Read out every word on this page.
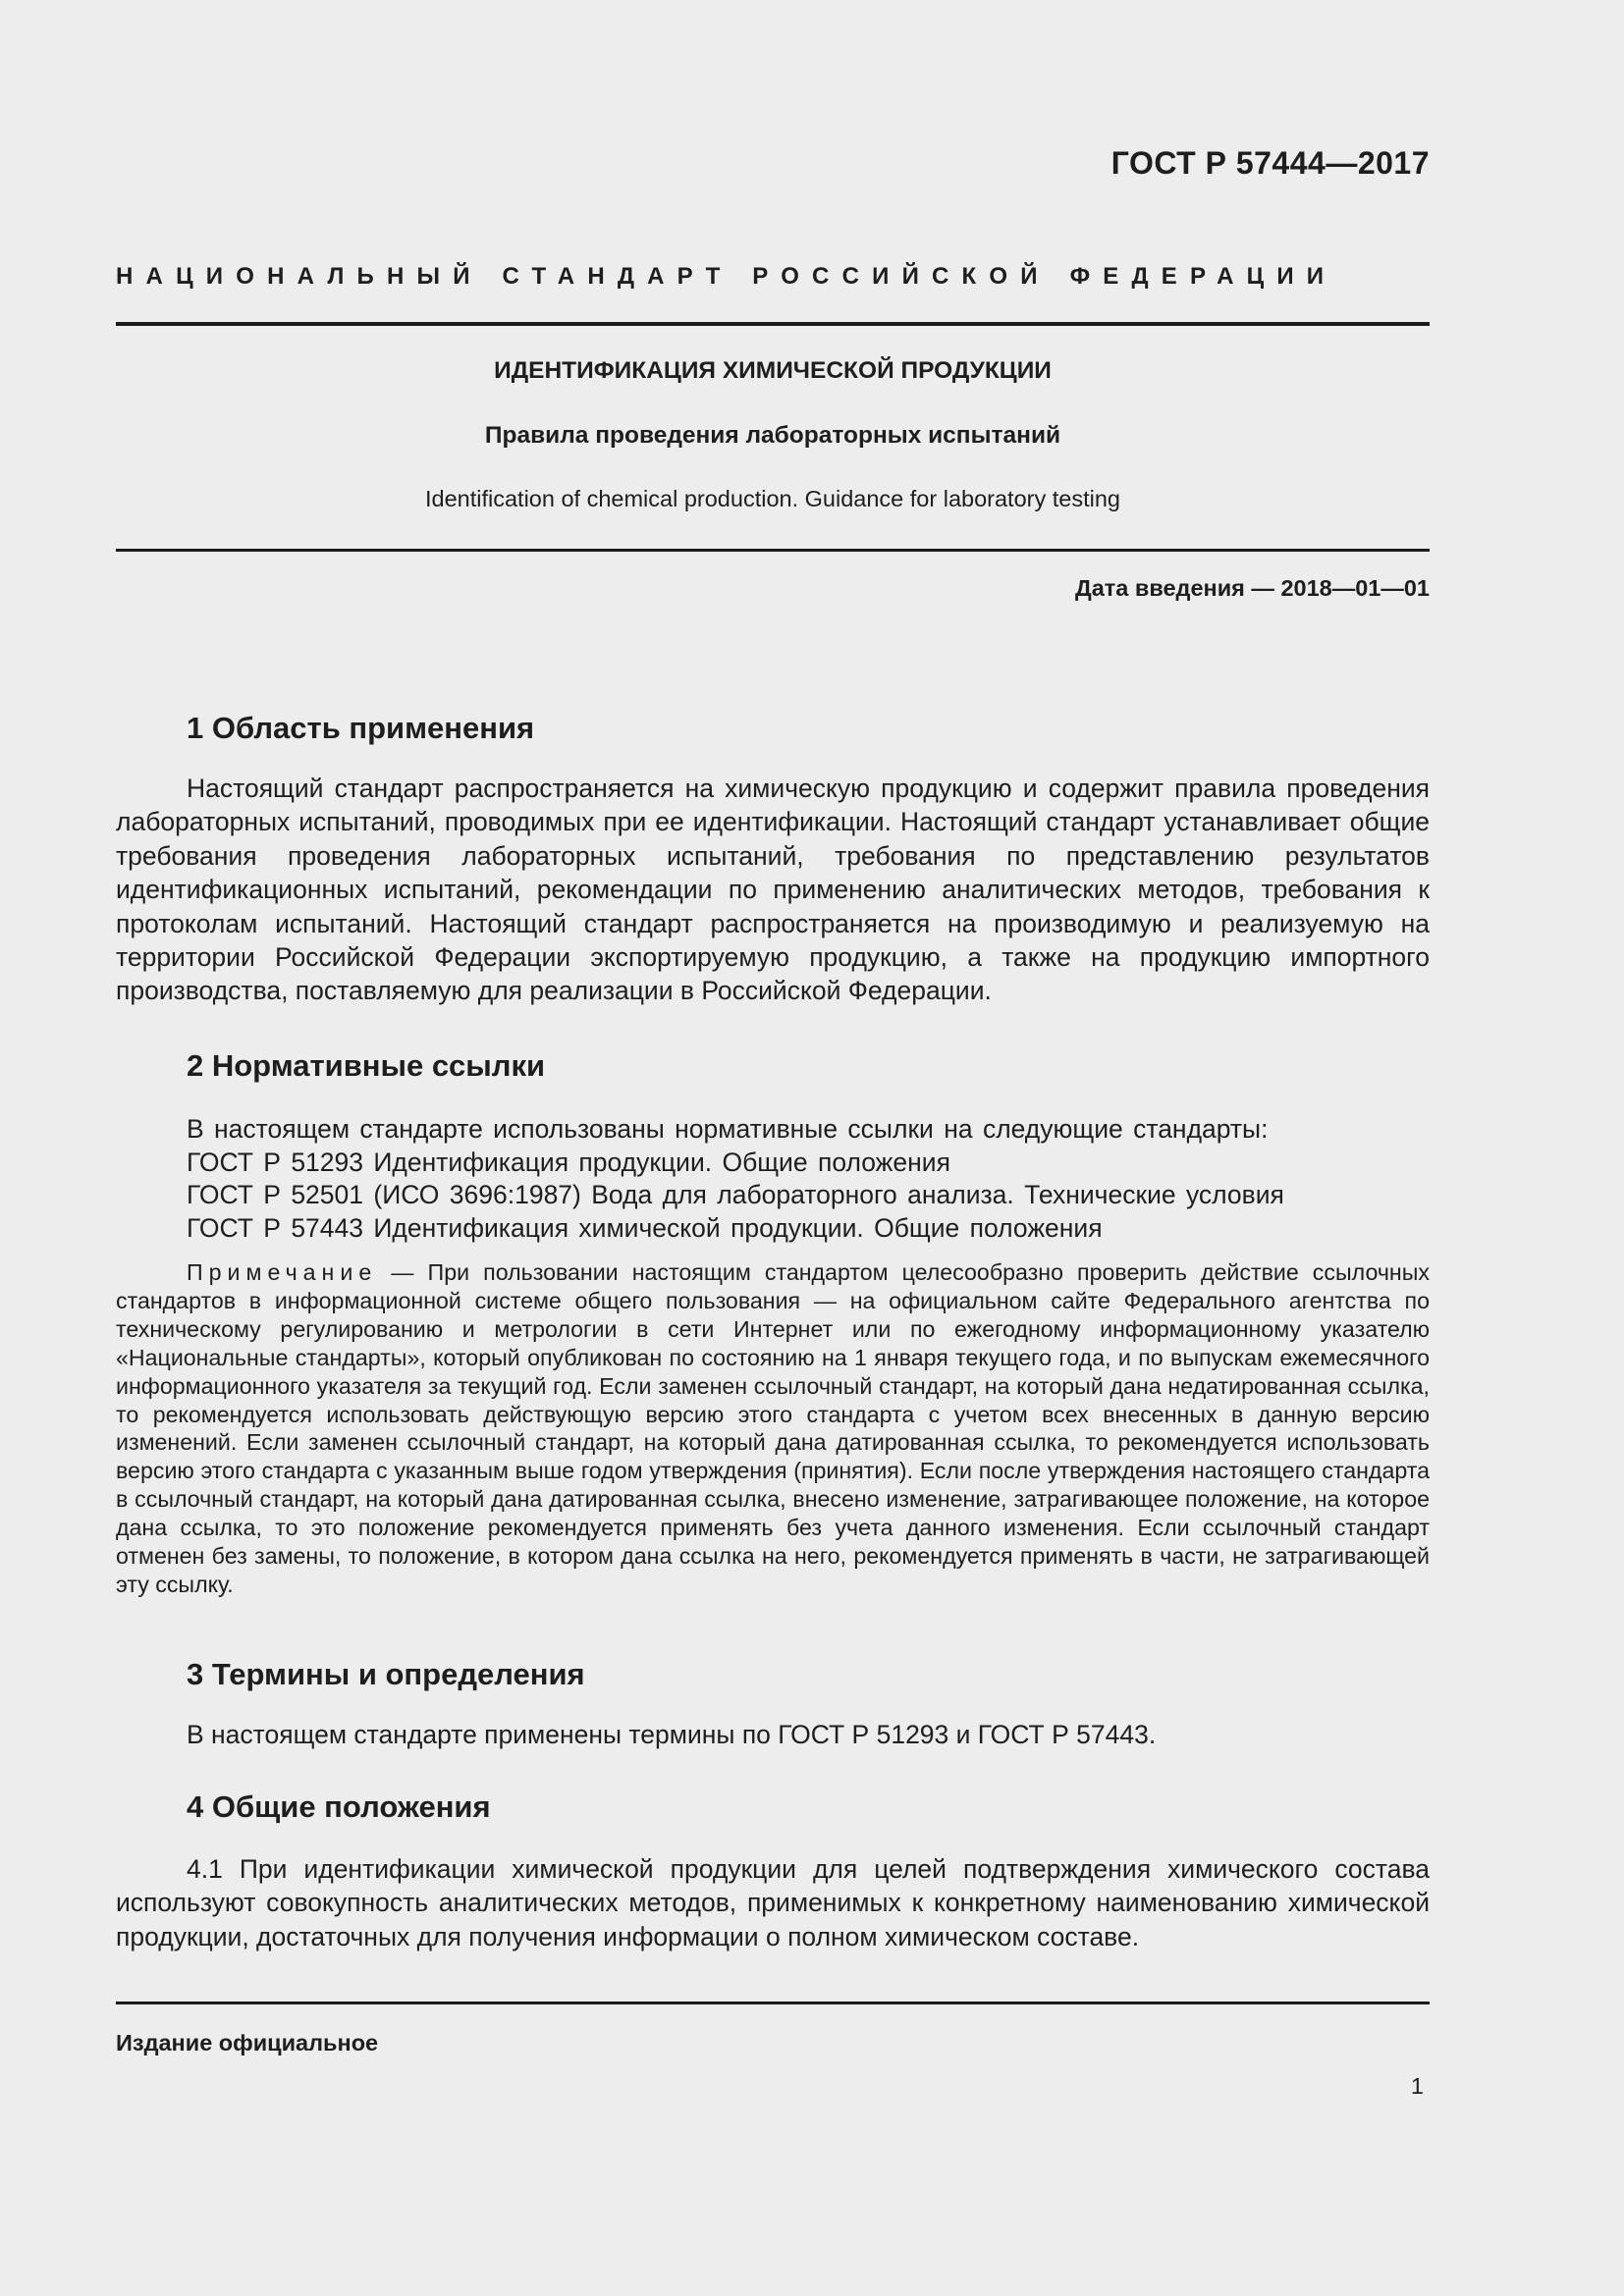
ГОСТ Р 57444—2017
НАЦИОНАЛЬНЫЙ СТАНДАРТ РОССИЙСКОЙ ФЕДЕРАЦИИ
ИДЕНТИФИКАЦИЯ ХИМИЧЕСКОЙ ПРОДУКЦИИ
Правила проведения лабораторных испытаний
Identification of chemical production. Guidance for laboratory testing
Дата введения — 2018—01—01
1 Область применения

Настоящий стандарт распространяется на химическую продукцию и содержит правила проведения лабораторных испытаний, проводимых при ее идентификации. Настоящий стандарт устанавливает общие требования проведения лабораторных испытаний, требования по представлению результатов идентификационных испытаний, рекомендации по применению аналитических методов, требования к протоколам испытаний. Настоящий стандарт распространяется на производимую и реализуемую на территории Российской Федерации экспортируемую продукцию, а также на продукцию импортного производства, поставляемую для реализации в Российской Федерации.

2 Нормативные ссылки
В настоящем стандарте использованы нормативные ссылки на следующие стандарты:
ГОСТ Р 51293 Идентификация продукции. Общие положения
ГОСТ Р 52501 (ИСО 3696:1987) Вода для лабораторного анализа. Технические условия
ГОСТ Р 57443 Идентификация химической продукции. Общие положения

Примечание — При пользовании настоящим стандартом целесообразно проверить действие ссылочных стандартов в информационной системе общего пользования — на официальном сайте Федерального агентства по техническому регулированию и метрологии в сети Интернет или по ежегодному информационному указателю «Национальные стандарты», который опубликован по состоянию на 1 января текущего года, и по выпускам ежемесячного информационного указателя за текущий год. Если заменен ссылочный стандарт, на который дана недатированная ссылка, то рекомендуется использовать действующую версию этого стандарта с учетом всех внесенных в данную версию изменений. Если заменен ссылочный стандарт, на который дана датированная ссылка, то рекомендуется использовать версию этого стандарта с указанным выше годом утверждения (принятия). Если после утверждения настоящего стандарта в ссылочный стандарт, на который дана датированная ссылка, внесено изменение, затрагивающее положение, на которое дана ссылка, то это положение рекомендуется применять без учета данного изменения. Если ссылочный стандарт отменен без замены, то положение, в котором дана ссылка на него, рекомендуется применять в части, не затрагивающей эту ссылку.

3 Термины и определения

В настоящем стандарте применены термины по ГОСТ Р 51293 и ГОСТ Р 57443.

4 Общие положения

4.1 При идентификации химической продукции для целей подтверждения химического состава используют совокупность аналитических методов, применимых к конкретному наименованию химической продукции, достаточных для получения информации о полном химическом составе.

Издание официальное
1
